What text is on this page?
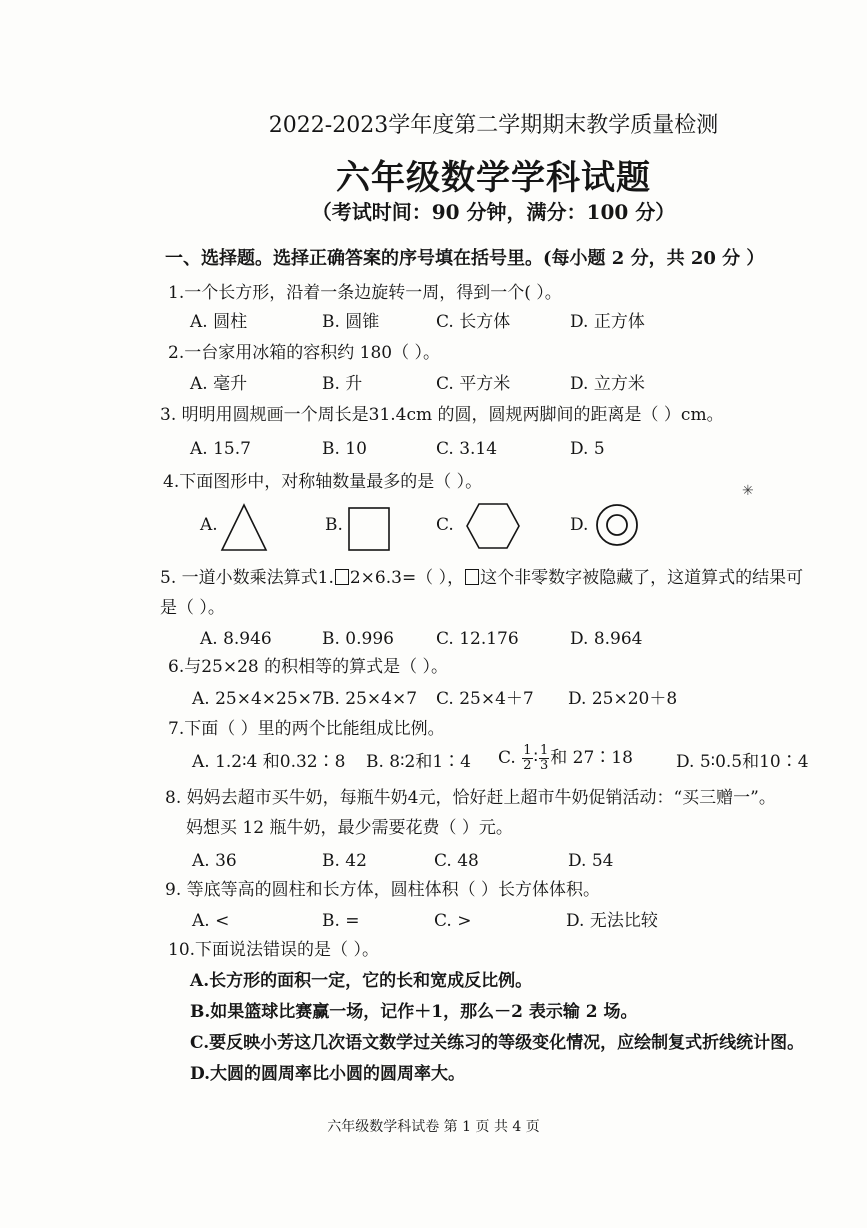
2022-2023学年度第二学期期末教学质量检测
六年级数学学科试题
（考试时间：90 分钟，满分：100 分）
一、选择题。选择正确答案的序号填在括号里。(每小题 2 分，共 20 分 ）
1.一个长方形，沿着一条边旋转一周，得到一个( ）。
A. 圆柱	B. 圆锥	C. 长方体	D. 正方体
2.一台家用冰箱的容积约 180（ ）。
A. 毫升	B. 升	C. 平方米	D. 立方米
3. 明明用圆规画一个周长是31.4cm 的圆，圆规两脚间的距离是（ ）cm。
A. 15.7	B. 10	C. 3.14	D. 5
4.下面图形中，对称轴数量最多的是（ ）。
A.	B.	C.	D.
✳
5. 一道小数乘法算式1. 2×6.3=（ ）， 这个非零数字被隐藏了，这道算式的结果可
是（ ）。
A. 8.946	B. 0.996 C. 12.176	D. 8.964
6.与25×28 的积相等的算式是（ ）。
A. 25×4×25×7 B. 25×4×7 C. 25×4＋7 D. 25×20＋8
7.下面（ ）里的两个比能组成比例。
A. 1.2∶4 和0.32∶8 B. 8∶2和1∶4 C. $\frac{1}{2}$ ∶ $\frac{1}{3}$ 和 27∶18	D. 5∶0.5和10∶4
8. 妈妈去超市买牛奶，每瓶牛奶4元，恰好赶上超市牛奶促销活动：“买三赠一”。
妈想买 12 瓶牛奶，最少需要花费（ ）元。
A. 36	B. 42	C. 48	D. 54
9. 等底等高的圆柱和长方体，圆柱体积（ ）长方体体积。
A. <	B. =	C. >	D. 无法比较
10.下面说法错误的是（ ）。
A.长方形的面积一定，它的长和宽成反比例。
B.如果篮球比赛赢一场，记作＋1，那么－2 表示输 2 场。
C.要反映小芳这几次语文数学过关练习的等级变化情况，应绘制复式折线统计图。
D.大圆的圆周率比小圆的圆周率大。
六年级数学科试卷 第 1 页 共 4 页
